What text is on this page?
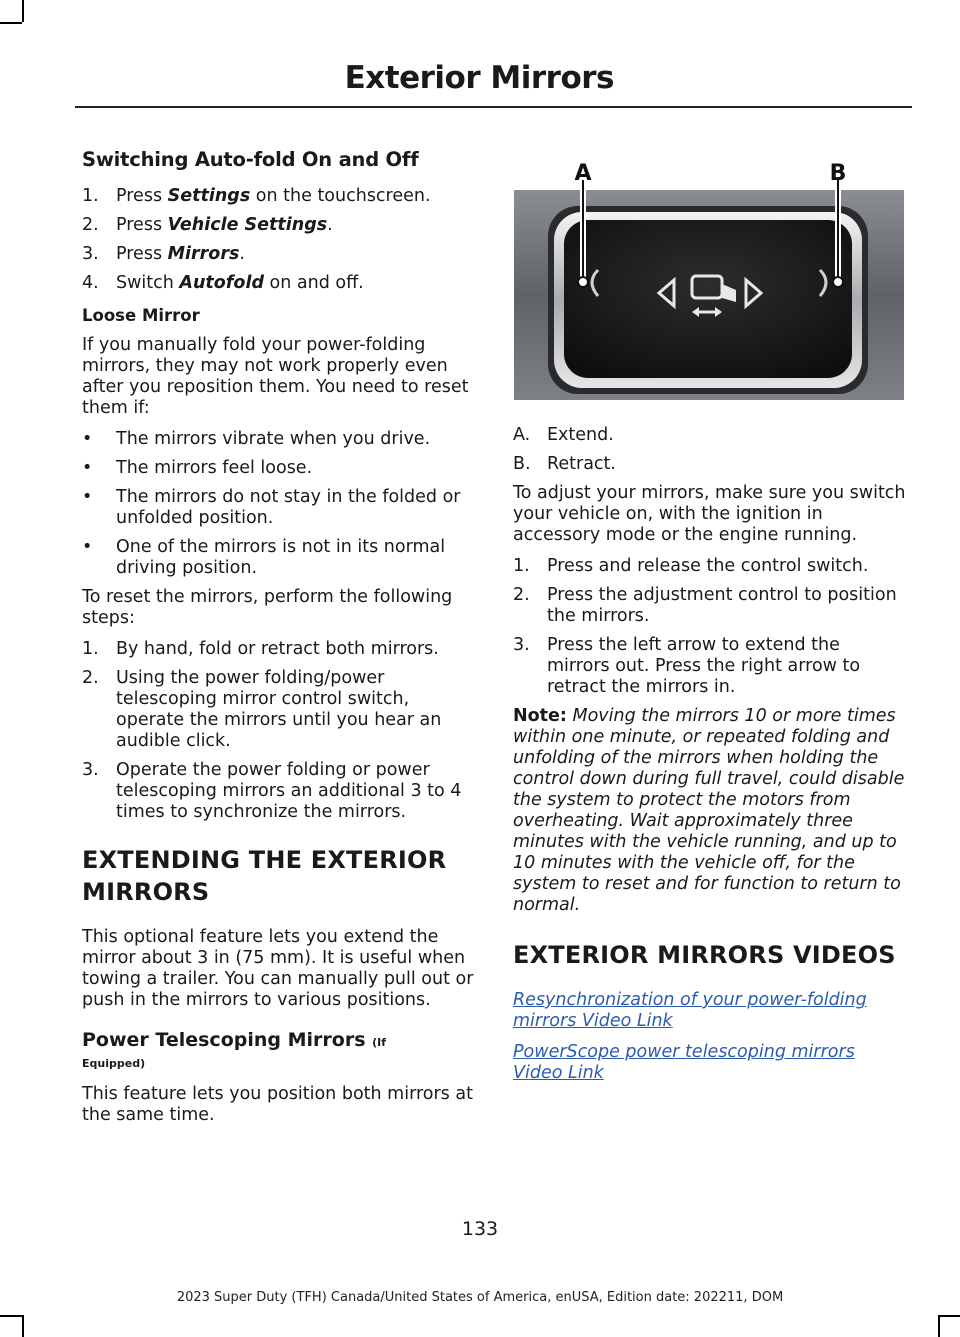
Exterior Mirrors
Switching Auto-fold On and Off
1. Press Settings on the touchscreen.
2. Press Vehicle Settings.
3. Press Mirrors.
4. Switch Autofold on and off.
Loose Mirror

If you manually fold your power-folding mirrors, they may not work properly even after you reposition them. You need to reset them if:

• The mirrors vibrate when you drive.
• The mirrors feel loose.
• The mirrors do not stay in the folded or unfolded position.
• One of the mirrors is not in its normal driving position.

To reset the mirrors, perform the following steps:

1. By hand, fold or retract both mirrors.
2. Using the power folding/power telescoping mirror control switch, operate the mirrors until you hear an audible click.
3. Operate the power folding or power telescoping mirrors an additional 3 to 4 times to synchronize the mirrors.
EXTENDING THE EXTERIOR
MIRRORS

This optional feature lets you extend the mirror about 3 in (75 mm). It is useful when towing a trailer. You can manually pull out or push in the mirrors to various positions.

Power Telescoping Mirrors (If
Equipped)

This feature lets you position both mirrors at the same time.

A	B
A. Extend.
B. Retract.

To adjust your mirrors, make sure you switch your vehicle on, with the ignition in accessory mode or the engine running.

1. Press and release the control switch.
2. Press the adjustment control to position the mirrors.
3. Press the left arrow to extend the mirrors out. Press the right arrow to retract the mirrors in.

Note: Moving the mirrors 10 or more times within one minute, or repeated folding and unfolding of the mirrors when holding the control down during full travel, could disable the system to protect the motors from overheating. Wait approximately three minutes with the vehicle running, and up to 10 minutes with the vehicle off, for the system to reset and for function to return to normal.

EXTERIOR MIRRORS VIDEOS
Resynchronization of your power-folding mirrors Video Link
PowerScope power telescoping mirrors Video Link
133
2023 Super Duty (TFH) Canada/United States of America, enUSA, Edition date: 202211, DOM
